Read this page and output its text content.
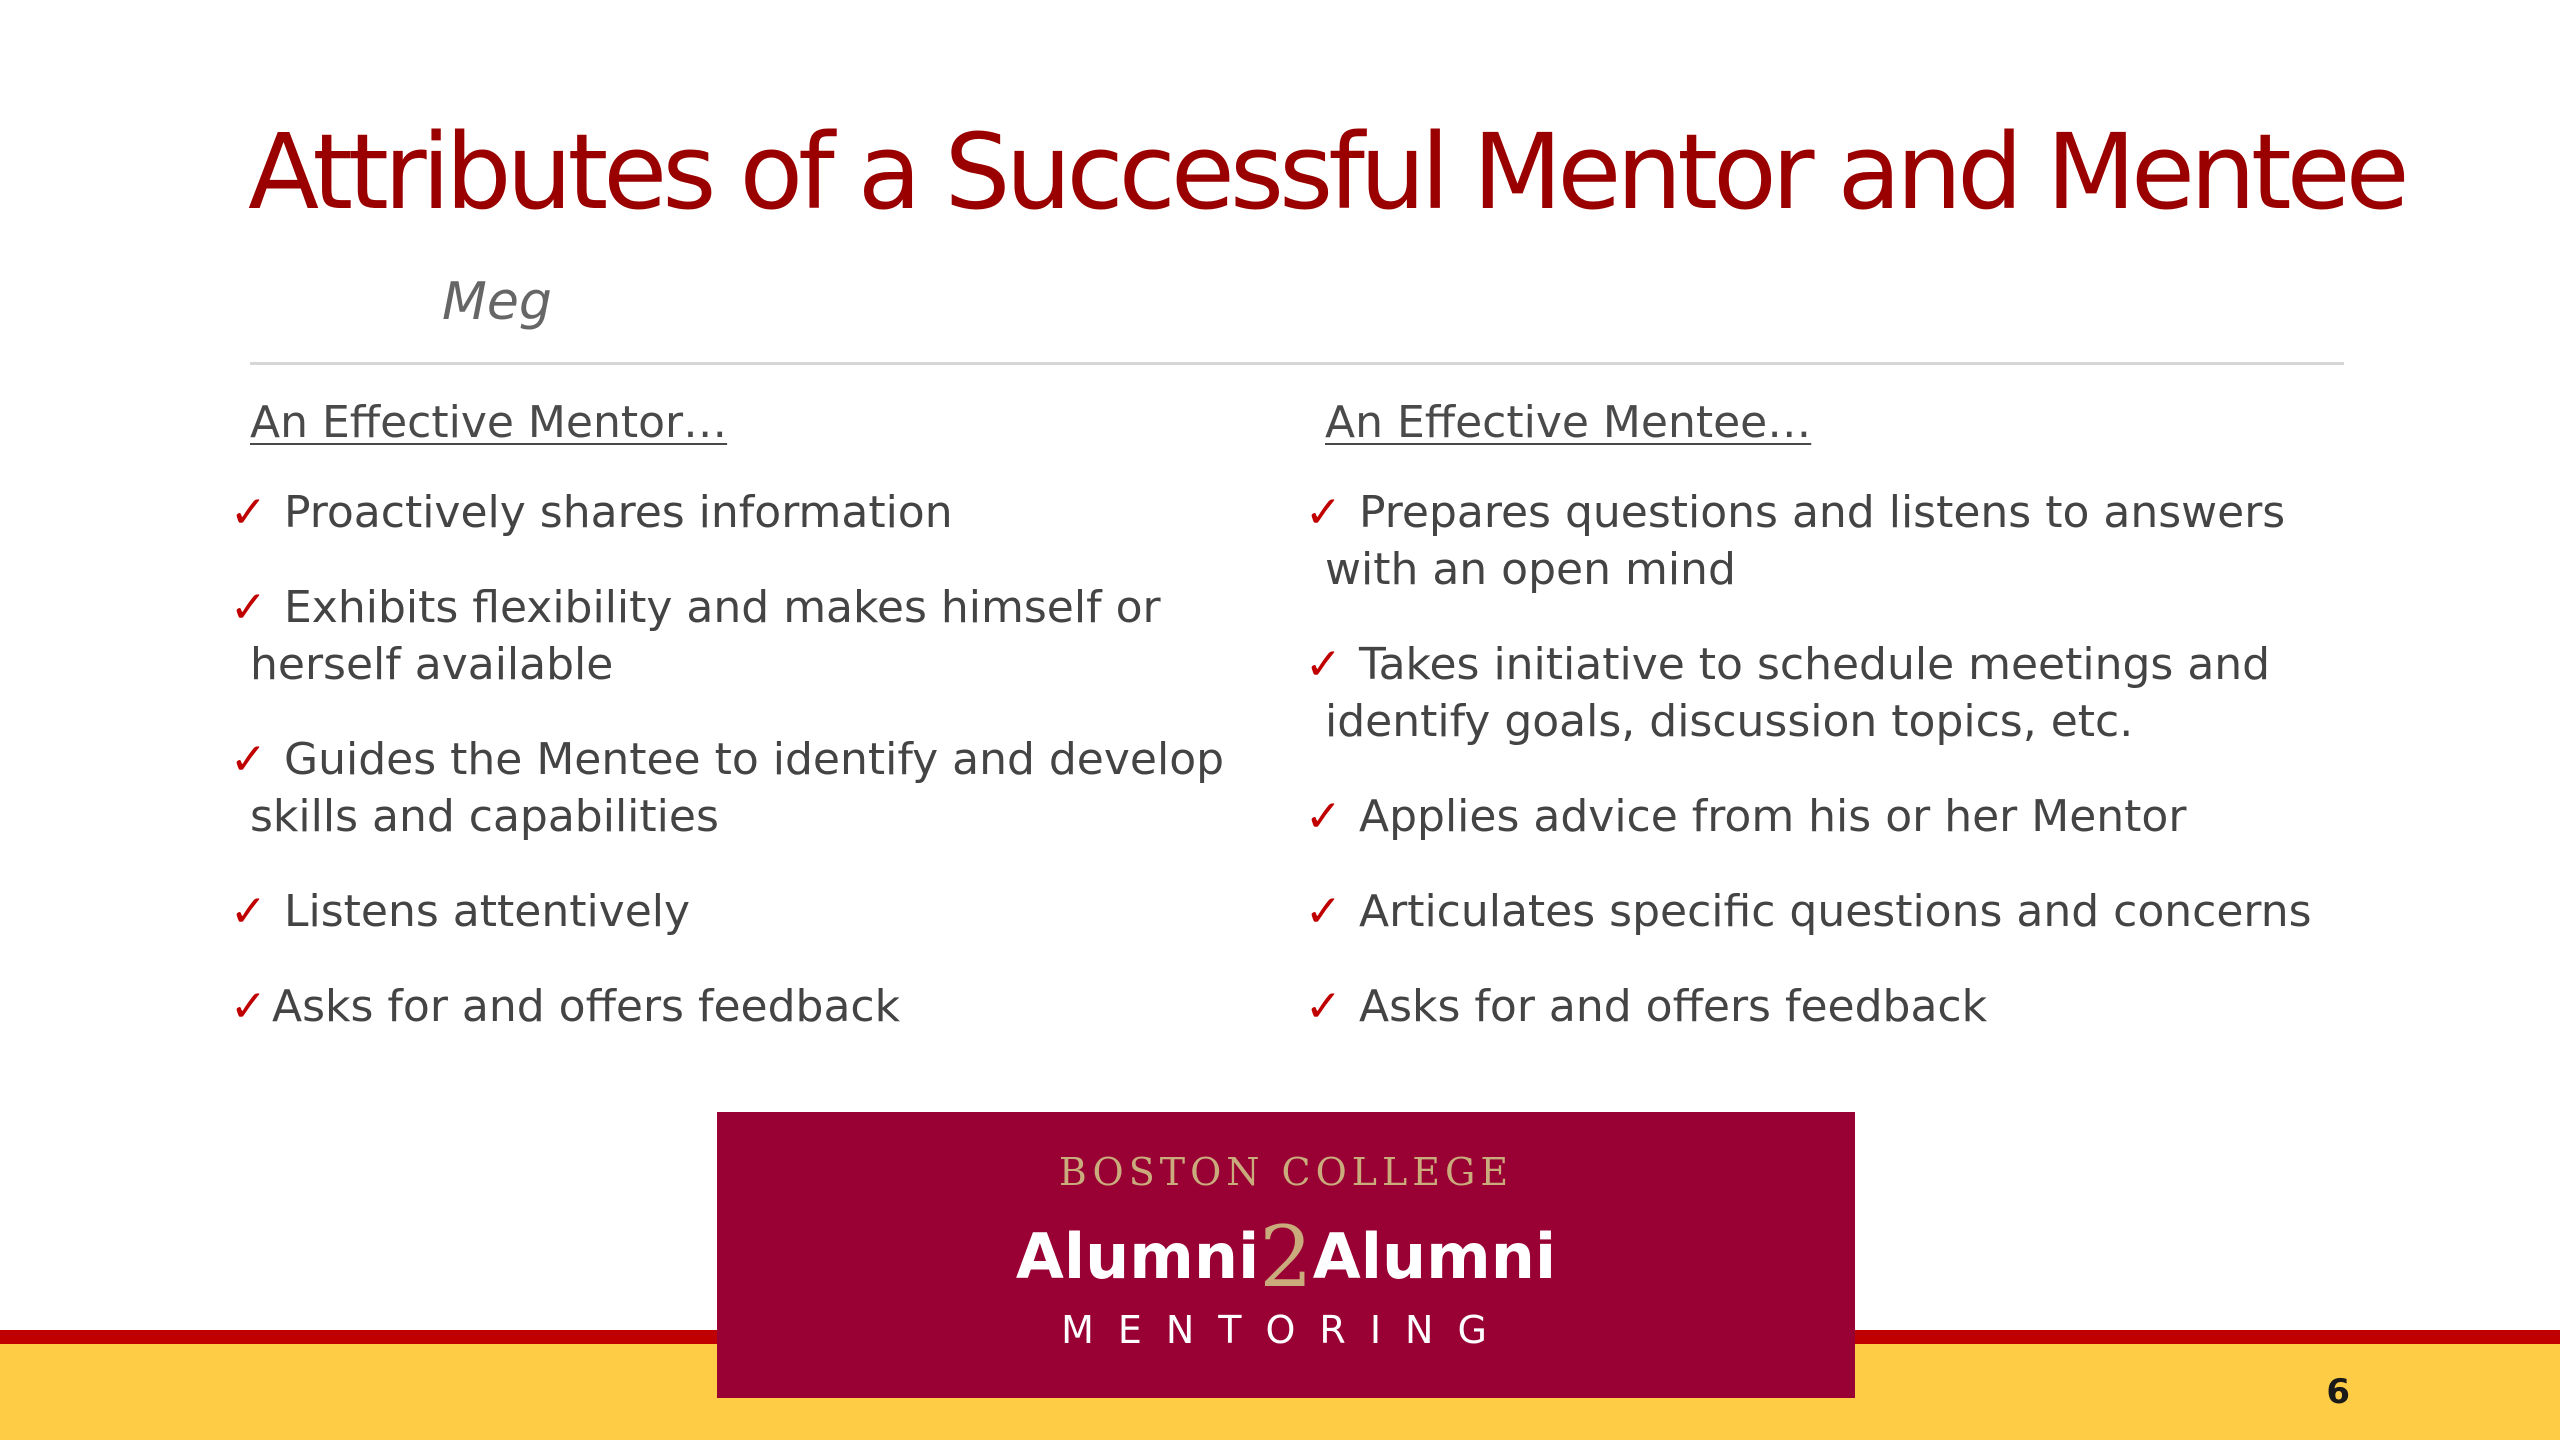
Attributes of a Successful Mentor and Mentee
Meg
An Effective Mentor…
✓ Proactively shares information
✓ Exhibits flexibility and makes himself or herself available
✓ Guides the Mentee to identify and develop skills and capabilities
✓ Listens attentively
✓ Asks for and offers feedback
An Effective Mentee…
✓ Prepares questions and listens to answers with an open mind
✓ Takes initiative to schedule meetings and identify goals, discussion topics, etc.
✓ Applies advice from his or her Mentor
✓ Articulates specific questions and concerns
✓ Asks for and offers feedback
BOSTON COLLEGE
Alumni2Alumni
MENTORING
6
